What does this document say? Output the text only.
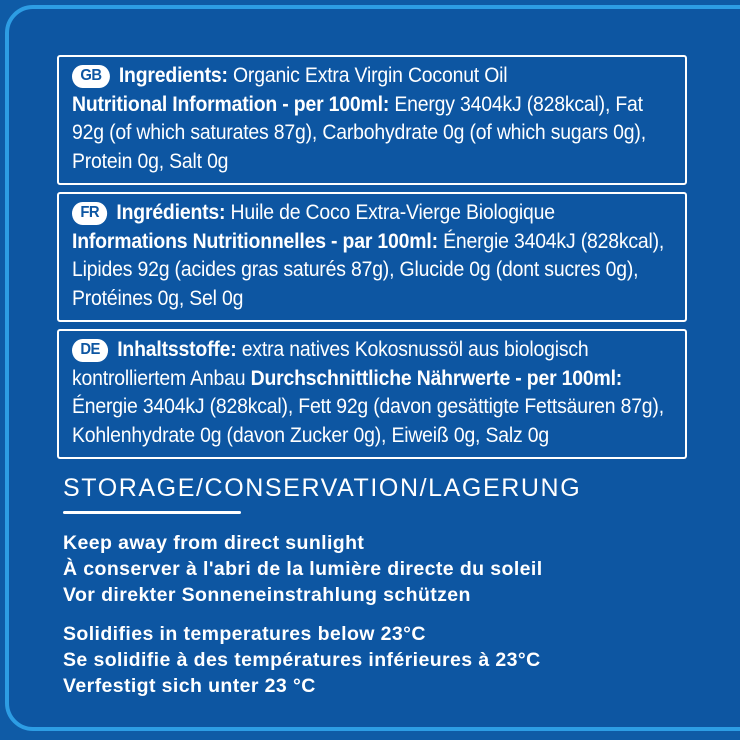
GB Ingredients: Organic Extra Virgin Coconut Oil
Nutritional Information - per 100ml: Energy 3404kJ (828kcal), Fat 92g (of which saturates 87g), Carbohydrate 0g (of which sugars 0g), Protein 0g, Salt 0g

FR Ingrédients: Huile de Coco Extra-Vierge Biologique
Informations Nutritionnelles - par 100ml: Énergie 3404kJ (828kcal), Lipides 92g (acides gras saturés 87g), Glucide 0g (dont sucres 0g), Protéines 0g, Sel 0g

DE Inhaltsstoffe: extra natives Kokosnussöl aus biologisch kontrolliertem Anbau Durchschnittliche Nährwerte - per 100ml: Énergie 3404kJ (828kcal), Fett 92g (davon gesättigte Fettsäuren 87g), Kohlenhydrate 0g (davon Zucker 0g), Eiweiß 0g, Salz 0g

STORAGE/CONSERVATION/LAGERUNG
Keep away from direct sunlight
À conserver à l'abri de la lumière directe du soleil
Vor direkter Sonneneinstrahlung schützen
Solidifies in temperatures below 23°C
Se solidifie à des températures inférieures à 23°C
Verfestigt sich unter 23 °C
